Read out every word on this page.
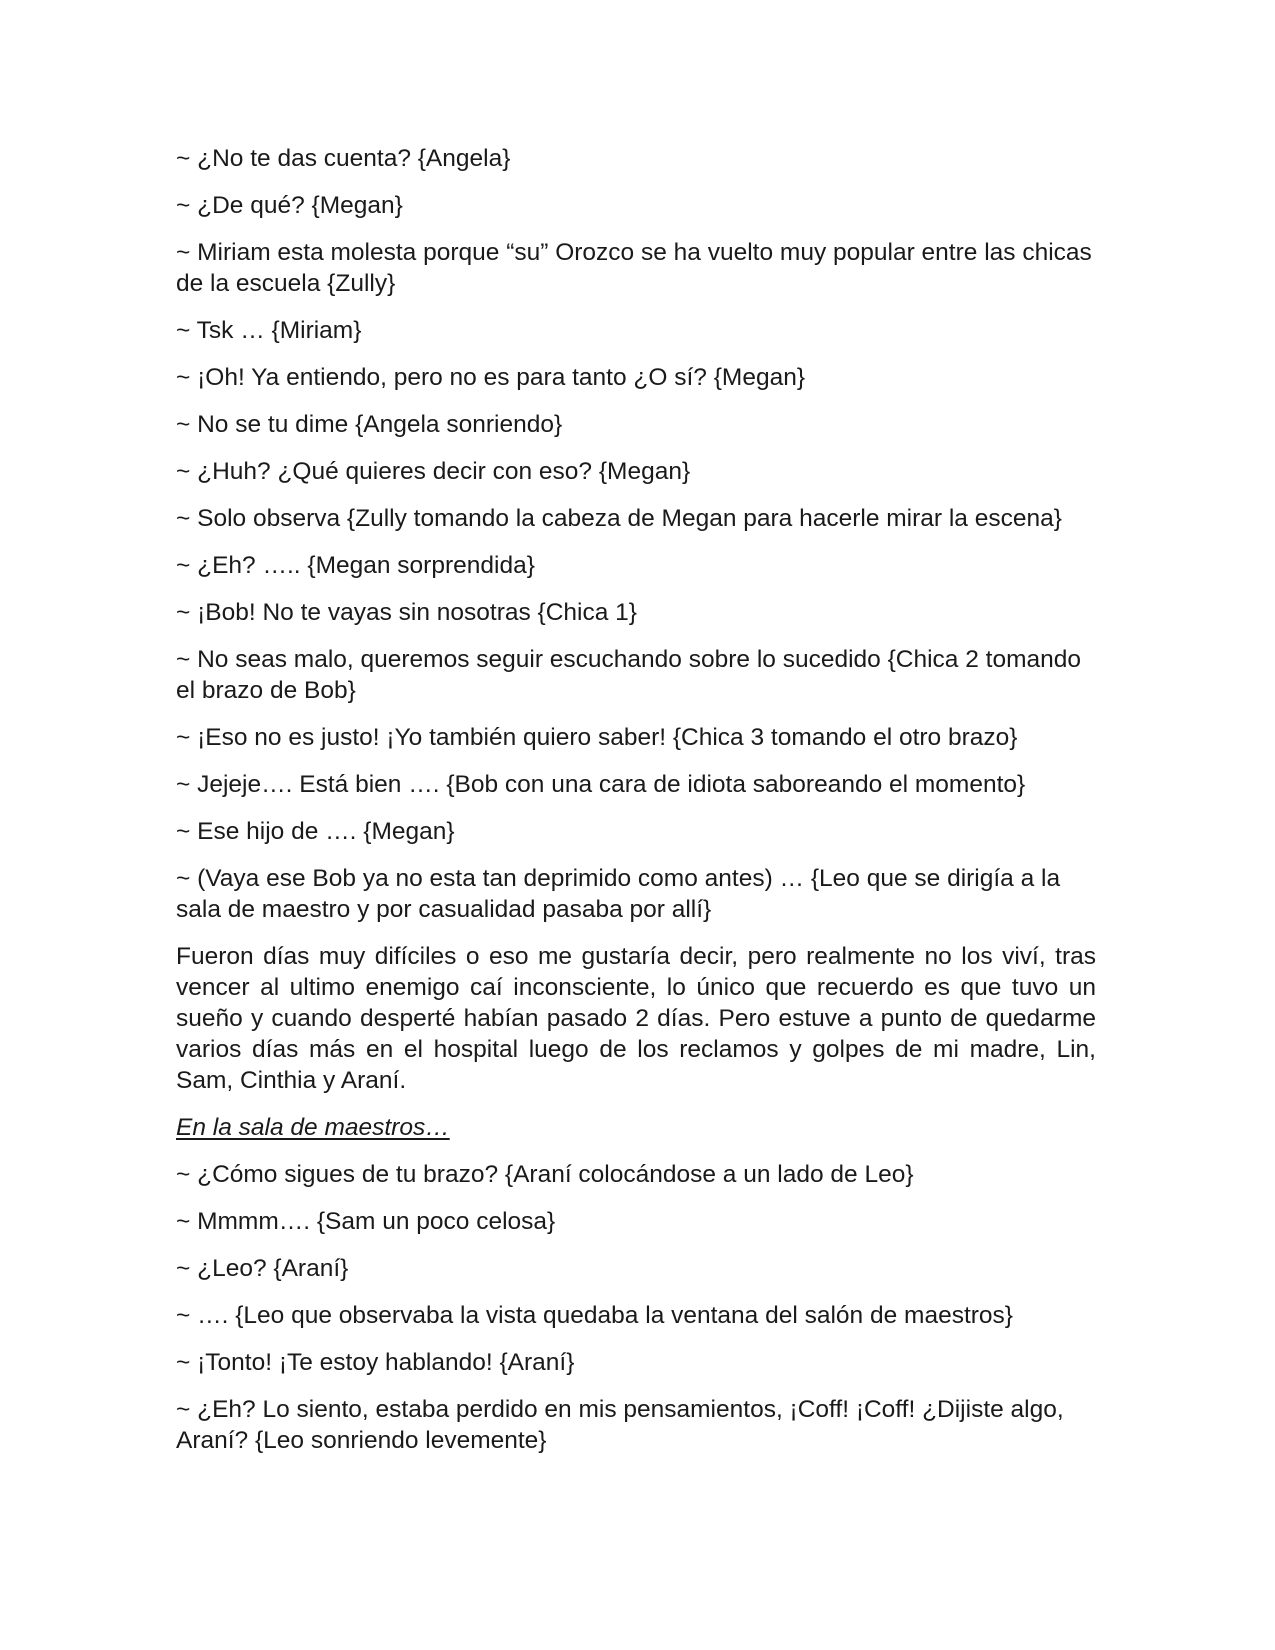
~ ¿No te das cuenta? {Angela}

~ ¿De qué? {Megan}

~ Miriam esta molesta porque “su” Orozco se ha vuelto muy popular entre las chicas de la escuela {Zully}

~ Tsk … {Miriam}

~ ¡Oh! Ya entiendo, pero no es para tanto ¿O sí? {Megan}

~ No se tu dime {Angela sonriendo}

~ ¿Huh? ¿Qué quieres decir con eso? {Megan}

~ Solo observa {Zully tomando la cabeza de Megan para hacerle mirar la escena}

~ ¿Eh? ….. {Megan sorprendida}

~ ¡Bob! No te vayas sin nosotras {Chica 1}

~ No seas malo, queremos seguir escuchando sobre lo sucedido {Chica 2 tomando el brazo de Bob}

~ ¡Eso no es justo! ¡Yo también quiero saber! {Chica 3 tomando el otro brazo}

~ Jejeje…. Está bien …. {Bob con una cara de idiota saboreando el momento}

~ Ese hijo de …. {Megan}

~ (Vaya ese Bob ya no esta tan deprimido como antes) … {Leo que se dirigía a la sala de maestro y por casualidad pasaba por allí}

Fueron días muy difíciles o eso me gustaría decir, pero realmente no los viví, tras vencer al ultimo enemigo caí inconsciente, lo único que recuerdo es que tuvo un sueño y cuando desperté habían pasado 2 días. Pero estuve a punto de quedarme varios días más en el hospital luego de los reclamos y golpes de mi madre, Lin, Sam, Cinthia y Araní.

En la sala de maestros…

~ ¿Cómo sigues de tu brazo? {Araní colocándose a un lado de Leo}

~ Mmmm…. {Sam un poco celosa}

~ ¿Leo? {Araní}

~ …. {Leo que observaba la vista quedaba la ventana del salón de maestros}

~ ¡Tonto! ¡Te estoy hablando! {Araní}

~ ¿Eh? Lo siento, estaba perdido en mis pensamientos, ¡Coff! ¡Coff! ¿Dijiste algo, Araní? {Leo sonriendo levemente}
